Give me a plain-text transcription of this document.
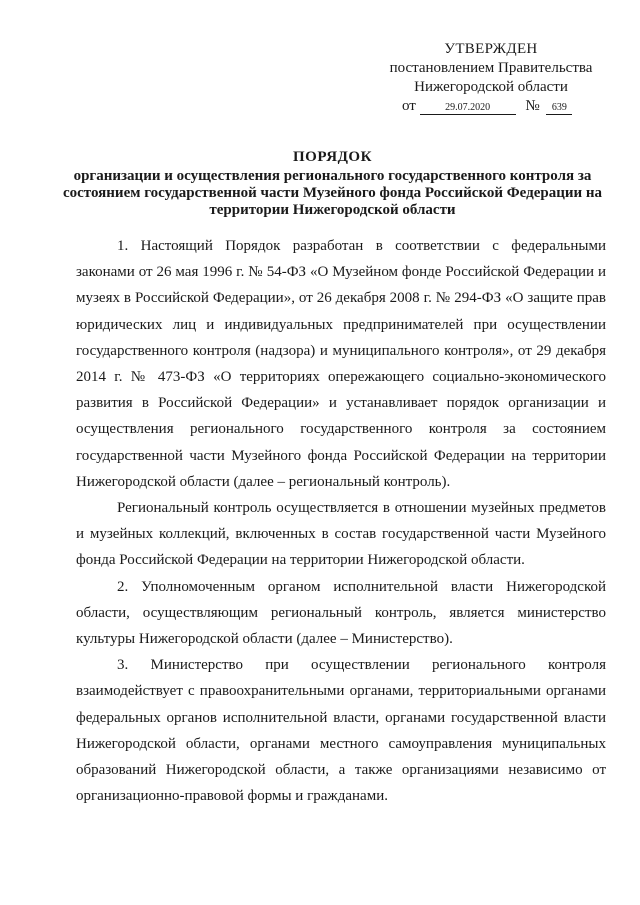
УТВЕРЖДЕН
постановлением Правительства
Нижегородской области
от	29.07.2020 № 639
ПОРЯДОК
организации и осуществления регионального государственного контроля за состоянием государственной части Музейного фонда Российской Федерации на территории Нижегородской области

1. Настоящий Порядок разработан в соответствии с федеральными законами от 26 мая 1996 г. № 54-ФЗ «О Музейном фонде Российской Федерации и музеях в Российской Федерации», от 26 декабря 2008 г. № 294-ФЗ «О защите прав юридических лиц и индивидуальных предпринимателей при осуществлении государственного контроля (надзора) и муниципального контроля», от 29 декабря 2014 г. № 473-ФЗ «О территориях опережающего социально-экономического развития в Российской Федерации» и устанавливает порядок организации и осуществления регионального государственного контроля за состоянием государственной части Музейного фонда Российской Федерации на территории Нижегородской области (далее – региональный контроль).

Региональный контроль осуществляется в отношении музейных предметов и музейных коллекций, включенных в состав государственной части Музейного фонда Российской Федерации на территории Нижегородской области.

2. Уполномоченным органом исполнительной власти Нижегородской области, осуществляющим региональный контроль, является министерство культуры Нижегородской области (далее – Министерство).

3. Министерство при осуществлении регионального контроля взаимодействует с правоохранительными органами, территориальными органами федеральных органов исполнительной власти, органами государственной власти Нижегородской области, органами местного самоуправления муниципальных образований Нижегородской области, а также организациями независимо от организационно-правовой формы и гражданами.
